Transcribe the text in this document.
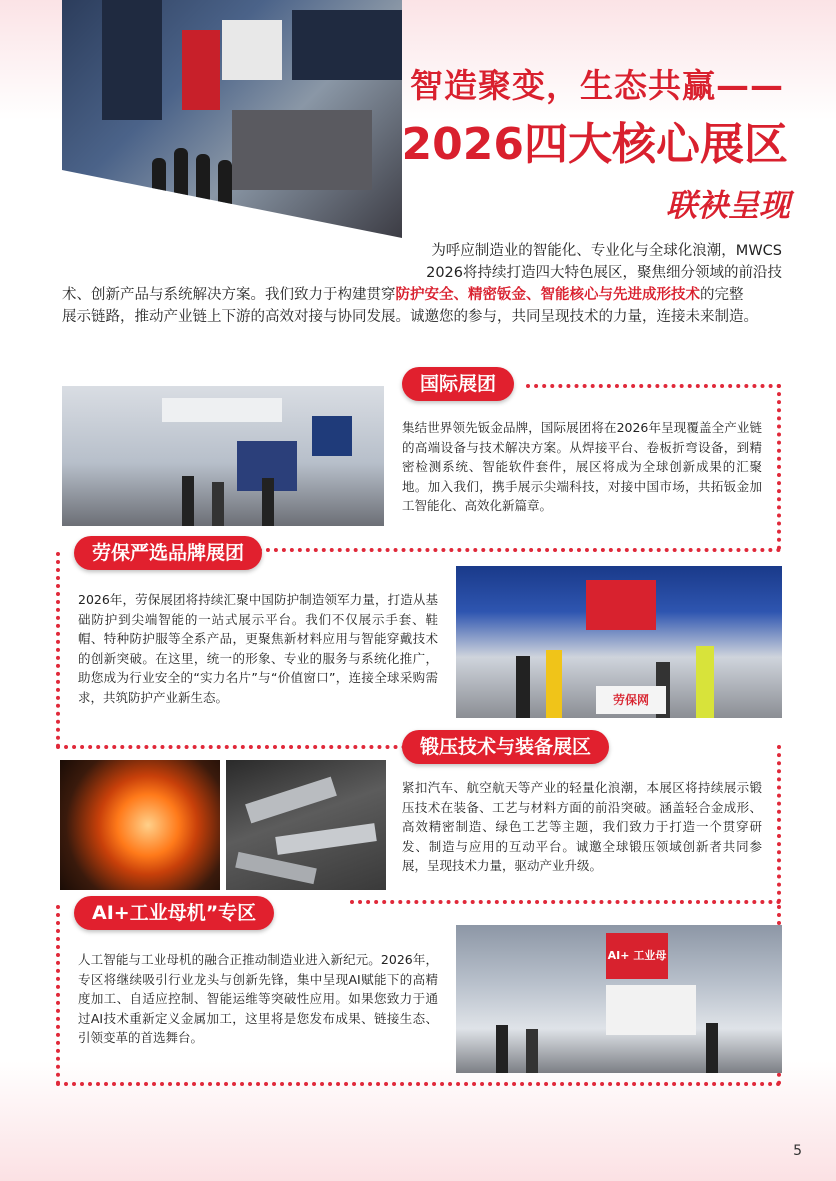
智造聚变，生态共赢——
2026四大核心展区
联袂呈现

为呼应制造业的智能化、专业化与全球化浪潮，MWCS

2026将持续打造四大特色展区，聚焦细分领域的前沿技

术、创新产品与系统解决方案。我们致力于构建贯穿防护安全、精密钣金、智能核心与先进成形技术的完整

展示链路，推动产业链上下游的高效对接与协同发展。诚邀您的参与，共同呈现技术的力量，连接未来制造。

国际展团
集结世界领先钣金品牌，国际展团将在2026年呈现覆盖全产业链的高端设备与技术解决方案。从焊接平台、卷板折弯设备，到精密检测系统、智能软件套件，展区将成为全球创新成果的汇聚地。加入我们，携手展示尖端科技，对接中国市场，共拓钣金加工智能化、高效化新篇章。
劳保严选品牌展团
2026年，劳保展团将持续汇聚中国防护制造领军力量，打造从基础防护到尖端智能的一站式展示平台。我们不仅展示手套、鞋帽、特种防护服等全系产品，更聚焦新材料应用与智能穿戴技术的创新突破。在这里，统一的形象、专业的服务与系统化推广，助您成为行业安全的“实力名片”与“价值窗口”，连接全球采购需求，共筑防护产业新生态。	劳保网
锻压技术与装备展区
紧扣汽车、航空航天等产业的轻量化浪潮，本展区将持续展示锻压技术在装备、工艺与材料方面的前沿突破。涵盖轻合金成形、高效精密制造、绿色工艺等主题，我们致力于打造一个贯穿研发、制造与应用的互动平台。诚邀全球锻压领域创新者共同参展，呈现技术力量，驱动产业升级。
AI+工业母机”专区
人工智能与工业母机的融合正推动制造业进入新纪元。2026年，专区将继续吸引行业龙头与创新先锋，集中呈现AI赋能下的高精度加工、自适应控制、智能运维等突破性应用。如果您致力于通过AI技术重新定义金属加工，这里将是您发布成果、链接生态、引领变革的首选舞台。
AI+ 工业母
5
